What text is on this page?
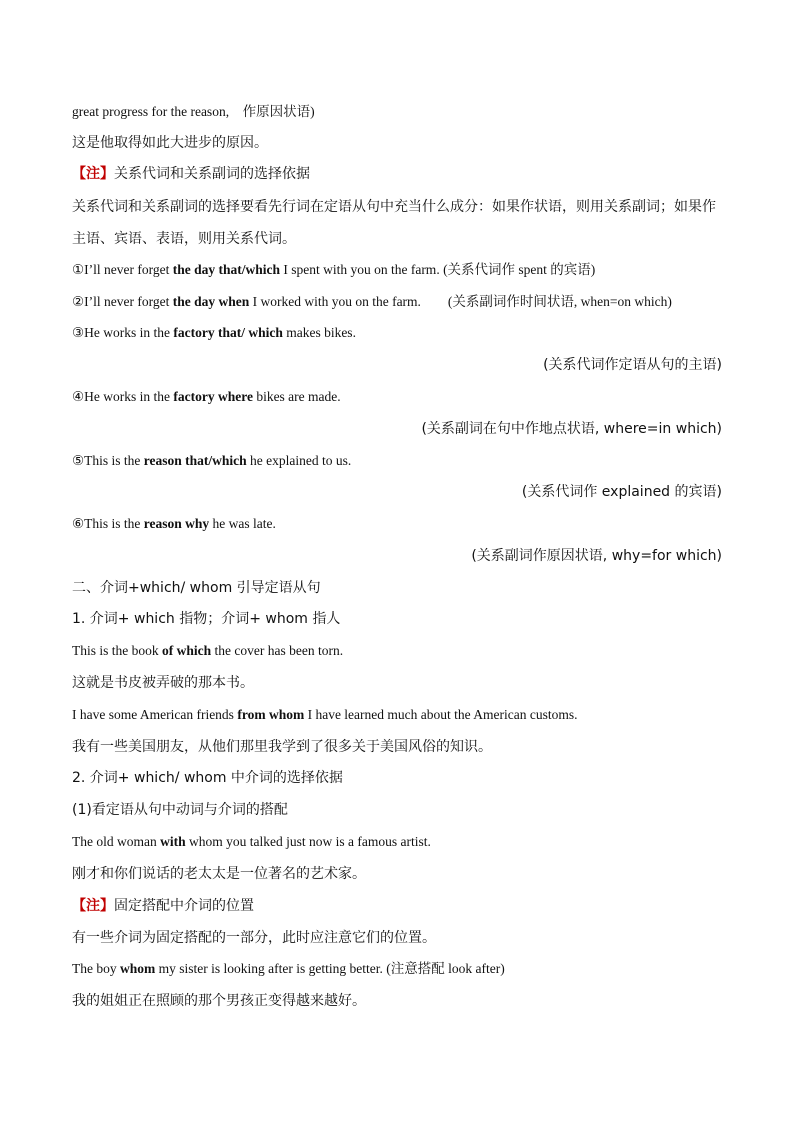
great progress for the reason,　作原因状语)
这是他取得如此大进步的原因。
【注】关系代词和关系副词的选择依据
关系代词和关系副词的选择要看先行词在定语从句中充当什么成分：如果作状语，则用关系副词；如果作主语、宾语、表语，则用关系代词。
①I’ll never forget the day that/which I spent with you on the farm. (关系代词作 spent 的宾语)
②I’ll never forget the day when I worked with you on the farm.　　(关系副词作时间状语, when=on which)
③He works in the factory that/ which makes bikes.
(关系代词作定语从句的主语)
④He works in the factory where bikes are made.
(关系副词在句中作地点状语, where=in which)
⑤This is the reason that/which he explained to us.
(关系代词作 explained 的宾语)
⑥This is the reason why he was late.
(关系副词作原因状语, why=for which)
二、介词+which/ whom 引导定语从句
1. 介词+ which 指物；介词+ whom 指人
This is the book of which the cover has been torn.
这就是书皮被弄破的那本书。
I have some American friends from whom I have learned much about the American customs.
我有一些美国朋友，从他们那里我学到了很多关于美国风俗的知识。
2. 介词+ which/ whom 中介词的选择依据
(1)看定语从句中动词与介词的搭配
The old woman with whom you talked just now is a famous artist.
刚才和你们说话的老太太是一位著名的艺术家。
【注】固定搭配中介词的位置
有一些介词为固定搭配的一部分，此时应注意它们的位置。
The boy whom my sister is looking after is getting better. (注意搭配 look after)
我的姐姐正在照顾的那个男孩正变得越来越好。
